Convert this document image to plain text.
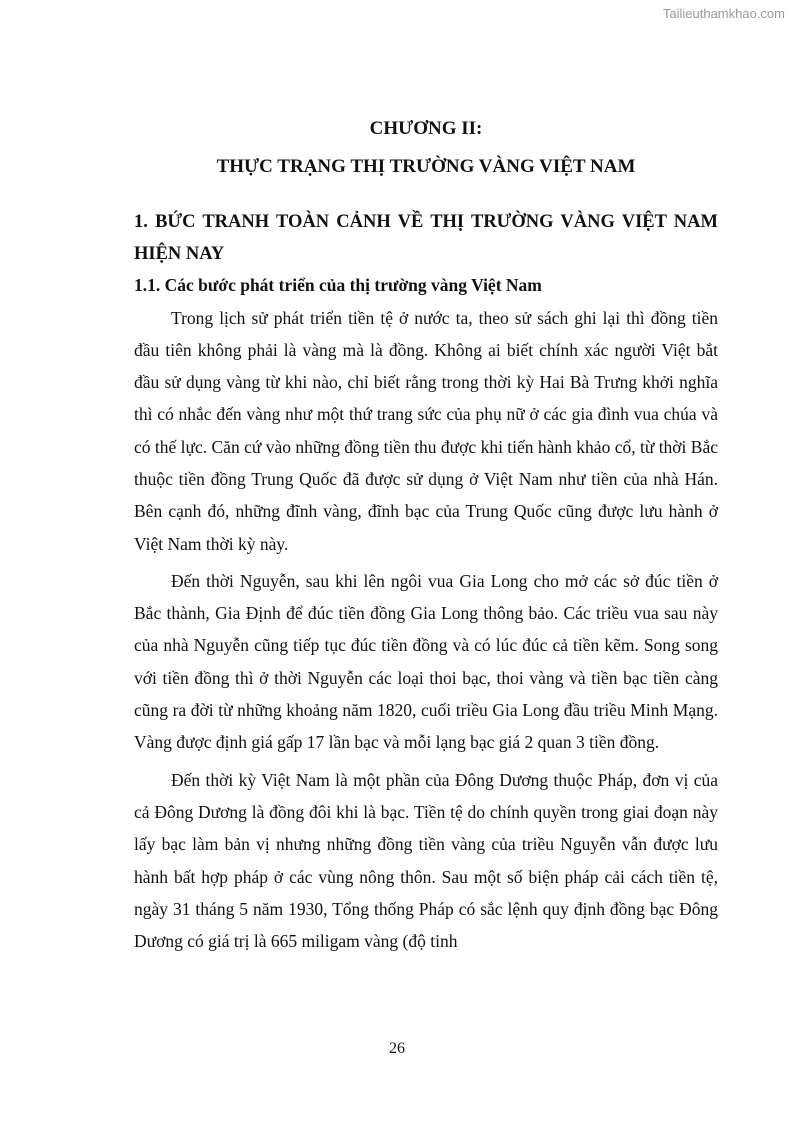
Tailieuthamkhao.com
CHƯƠNG II:
THỰC TRẠNG THỊ TRƯỜNG VÀNG VIỆT NAM
1. BỨC TRANH TOÀN CẢNH VỀ THỊ TRƯỜNG VÀNG VIỆT NAM HIỆN NAY
1.1. Các bước phát triển của thị trường vàng Việt Nam

Trong lịch sử phát triển tiền tệ ở nước ta, theo sử sách ghi lại thì đồng tiền đầu tiên không phải là vàng mà là đồng. Không ai biết chính xác người Việt bắt đầu sử dụng vàng từ khi nào, chỉ biết rằng trong thời kỳ Hai Bà Trưng khởi nghĩa thì có nhắc đến vàng như một thứ trang sức của phụ nữ ở các gia đình vua chúa và có thế lực. Căn cứ vào những đồng tiền thu được khi tiến hành khảo cổ, từ thời Bắc thuộc tiền đồng Trung Quốc đã được sử dụng ở Việt Nam như tiền của nhà Hán. Bên cạnh đó, những đĩnh vàng, đĩnh bạc của Trung Quốc cũng được lưu hành ở Việt Nam thời kỳ này.

Đến thời Nguyễn, sau khi lên ngôi vua Gia Long cho mở các sở đúc tiền ở Bắc thành, Gia Định để đúc tiền đồng Gia Long thông bảo. Các triều vua sau này của nhà Nguyễn cũng tiếp tục đúc tiền đồng và có lúc đúc cả tiền kẽm. Song song với tiền đồng thì ở thời Nguyễn các loại thoi bạc, thoi vàng và tiền bạc tiền càng cũng ra đời từ những khoảng năm 1820, cuối triều Gia Long đầu triều Minh Mạng. Vàng được định giá gấp 17 lần bạc và mỗi lạng bạc giá 2 quan 3 tiền đồng.

Đến thời kỳ Việt Nam là một phần của Đông Dương thuộc Pháp, đơn vị của cả Đông Dương là đồng đôi khi là bạc. Tiền tệ do chính quyền trong giai đoạn này lấy bạc làm bản vị nhưng những đồng tiền vàng của triều Nguyễn vẫn được lưu hành bất hợp pháp ở các vùng nông thôn. Sau một số biện pháp cải cách tiền tệ, ngày 31 tháng 5 năm 1930, Tổng thống Pháp có sắc lệnh quy định đồng bạc Đông Dương có giá trị là 665 miligam vàng (độ tinh

26
